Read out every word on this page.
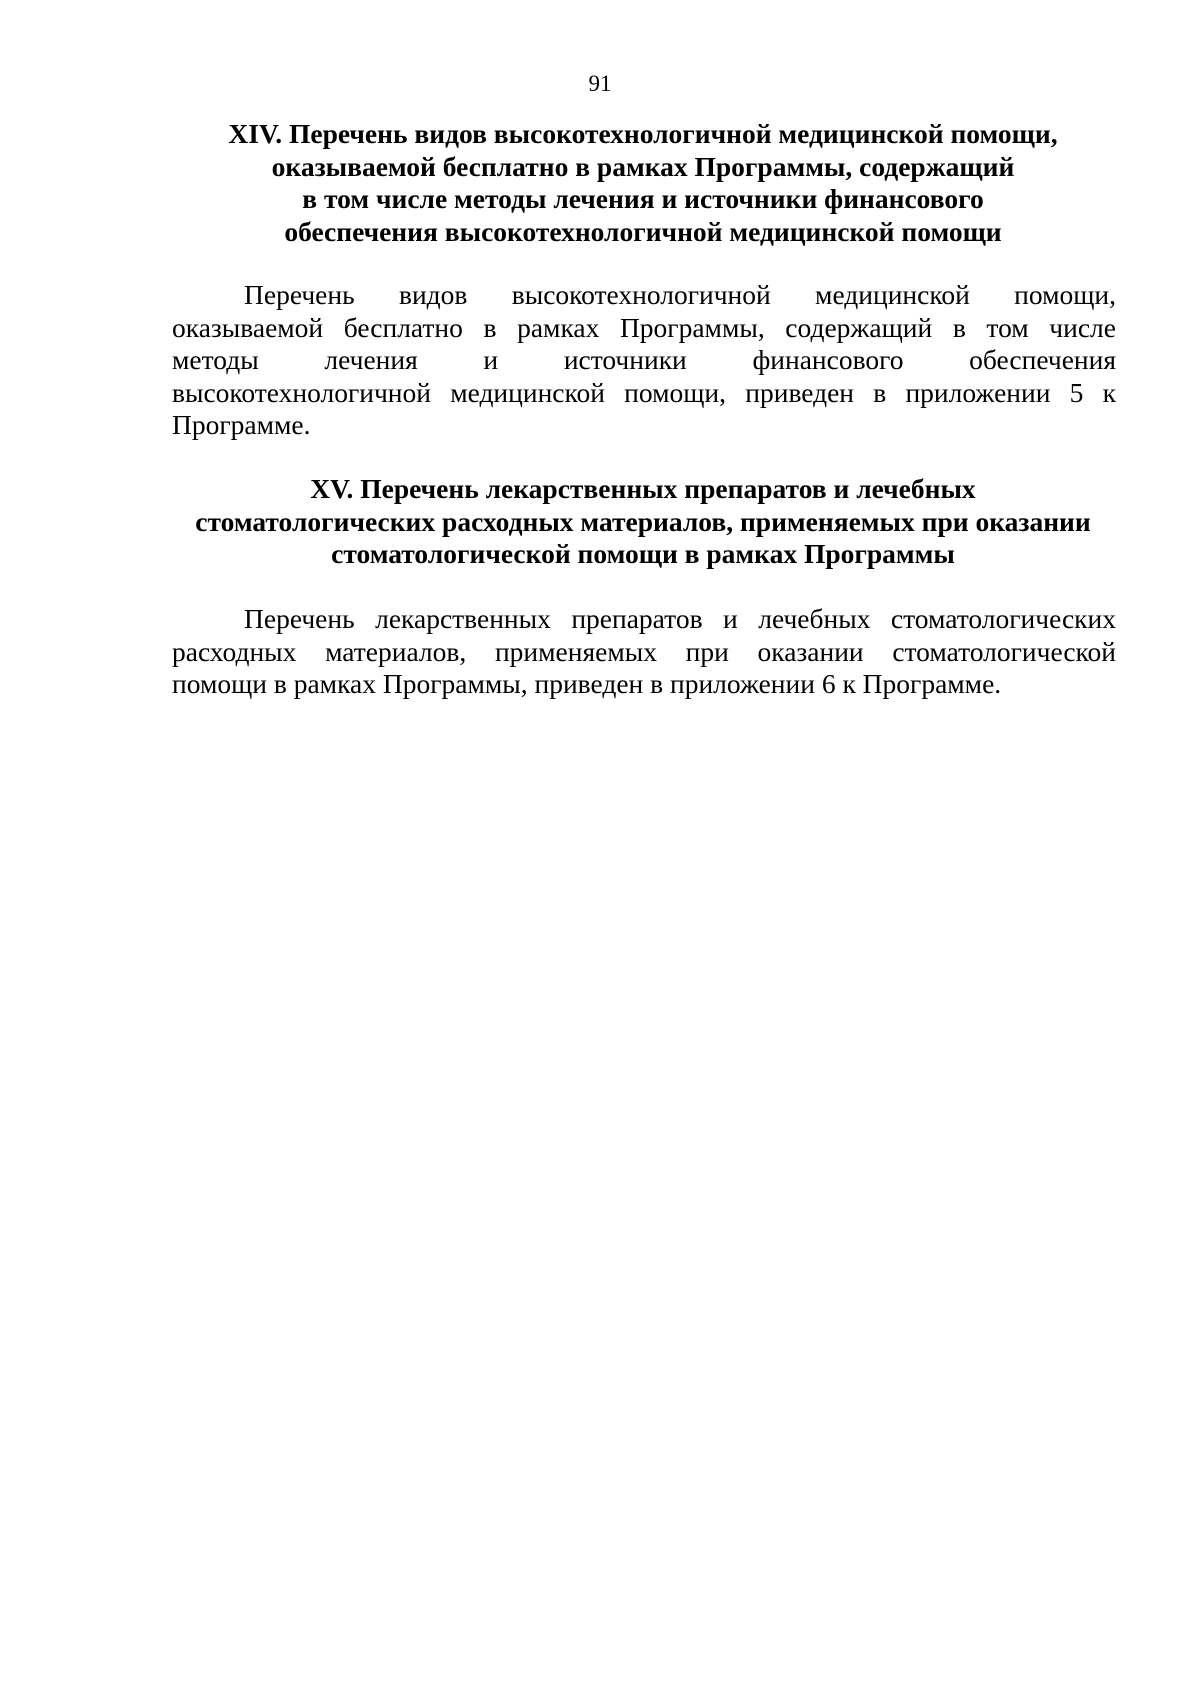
91
XIV. Перечень видов высокотехнологичной медицинской помощи,
оказываемой бесплатно в рамках Программы, содержащий
в том числе методы лечения и источники финансового
обеспечения высокотехнологичной медицинской помощи

Перечень видов высокотехнологичной медицинской помощи,
оказываемой бесплатно в рамках Программы, содержащий в том числе
методы лечения и источники финансового обеспечения
высокотехнологичной медицинской помощи, приведен в приложении 5 к
Программе.

XV. Перечень лекарственных препаратов и лечебных
стоматологических расходных материалов, применяемых при оказании
стоматологической помощи в рамках Программы

Перечень лекарственных препаратов и лечебных стоматологических
расходных материалов, применяемых при оказании стоматологической
помощи в рамках Программы, приведен в приложении 6 к Программе.
